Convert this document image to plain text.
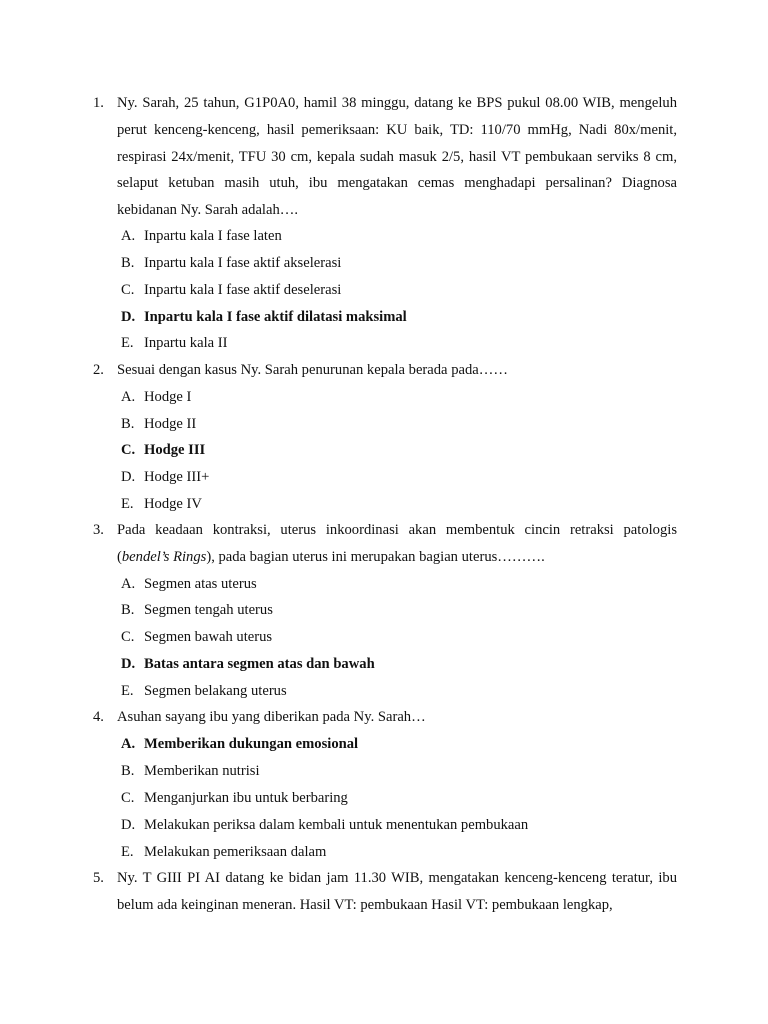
1. Ny. Sarah, 25 tahun, G1P0A0, hamil 38 minggu, datang ke BPS pukul 08.00 WIB, mengeluh perut kenceng-kenceng, hasil pemeriksaan: KU baik, TD: 110/70 mmHg, Nadi 80x/menit, respirasi 24x/menit, TFU 30 cm, kepala sudah masuk 2/5, hasil VT pembukaan serviks 8 cm, selaput ketuban masih utuh, ibu mengatakan cemas menghadapi persalinan? Diagnosa kebidanan Ny. Sarah adalah….
A. Inpartu kala I fase laten
B. Inpartu kala I fase aktif akselerasi
C. Inpartu kala I fase aktif deselerasi
D. Inpartu kala I fase aktif dilatasi maksimal
E. Inpartu kala II
2. Sesuai dengan kasus Ny. Sarah penurunan kepala berada pada……
A. Hodge I
B. Hodge II
C. Hodge III
D. Hodge III+
E. Hodge IV
3. Pada keadaan kontraksi, uterus inkoordinasi akan membentuk cincin retraksi patologis (bendel’s Rings), pada bagian uterus ini merupakan bagian uterus……….
A. Segmen atas uterus
B. Segmen tengah uterus
C. Segmen bawah uterus
D. Batas antara segmen atas dan bawah
E. Segmen belakang uterus
4. Asuhan sayang ibu yang diberikan pada Ny. Sarah…
A. Memberikan dukungan emosional
B. Memberikan nutrisi
C. Menganjurkan ibu untuk berbaring
D. Melakukan periksa dalam kembali untuk menentukan pembukaan
E. Melakukan pemeriksaan dalam
5. Ny. T GIII PI AI datang ke bidan jam 11.30 WIB, mengatakan kenceng-kenceng teratur, ibu belum ada keinginan meneran. Hasil VT: pembukaan Hasil VT: pembukaan lengkap,
